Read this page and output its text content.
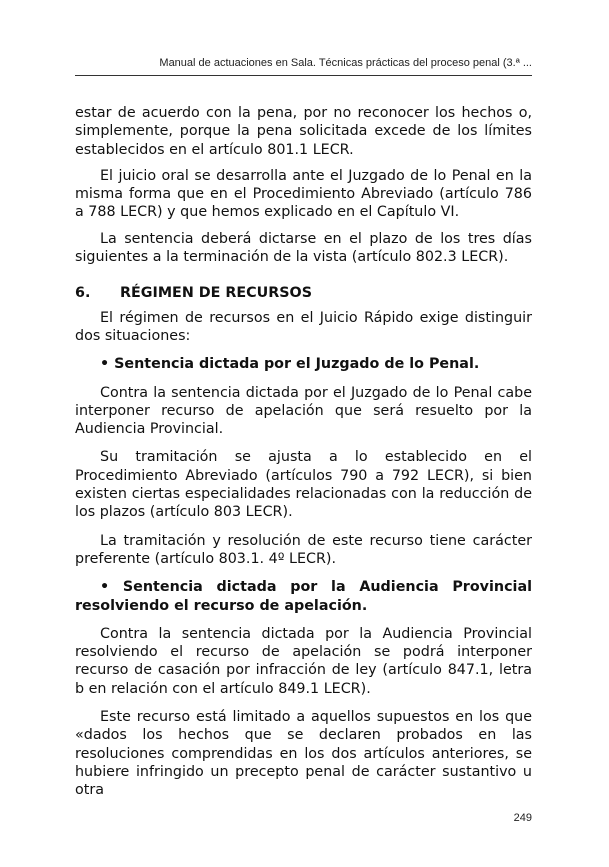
Manual de actuaciones en Sala. Técnicas prácticas del proceso penal (3.ª ...

estar de acuerdo con la pena, por no reconocer los hechos o, simplemente, porque la pena solicitada excede de los límites establecidos en el artículo 801.1 LECR.

El juicio oral se desarrolla ante el Juzgado de lo Penal en la misma forma que en el Procedimiento Abreviado (artículo 786 a 788 LECR) y que hemos explicado en el Capítulo VI.

La sentencia deberá dictarse en el plazo de los tres días siguientes a la terminación de la vista (artículo 802.3 LECR).

6.	RÉGIMEN DE RECURSOS

El régimen de recursos en el Juicio Rápido exige distinguir dos situaciones:

• Sentencia dictada por el Juzgado de lo Penal.

Contra la sentencia dictada por el Juzgado de lo Penal cabe interponer recurso de apelación que será resuelto por la Audiencia Provincial.

Su tramitación se ajusta a lo establecido en el Procedimiento Abreviado (artículos 790 a 792 LECR), si bien existen ciertas especialidades relacionadas con la reducción de los plazos (artículo 803 LECR).

La tramitación y resolución de este recurso tiene carácter preferente (artículo 803.1. 4º LECR).

• Sentencia dictada por la Audiencia Provincial resolviendo el recurso de apelación.

Contra la sentencia dictada por la Audiencia Provincial resolviendo el recurso de apelación se podrá interponer recurso de casación por infracción de ley (artículo 847.1, letra b en relación con el artículo 849.1 LECR).

Este recurso está limitado a aquellos supuestos en los que «dados los hechos que se declaren probados en las resoluciones comprendidas en los dos artículos anteriores, se hubiere infringido un precepto penal de carácter sustantivo u otra

249
